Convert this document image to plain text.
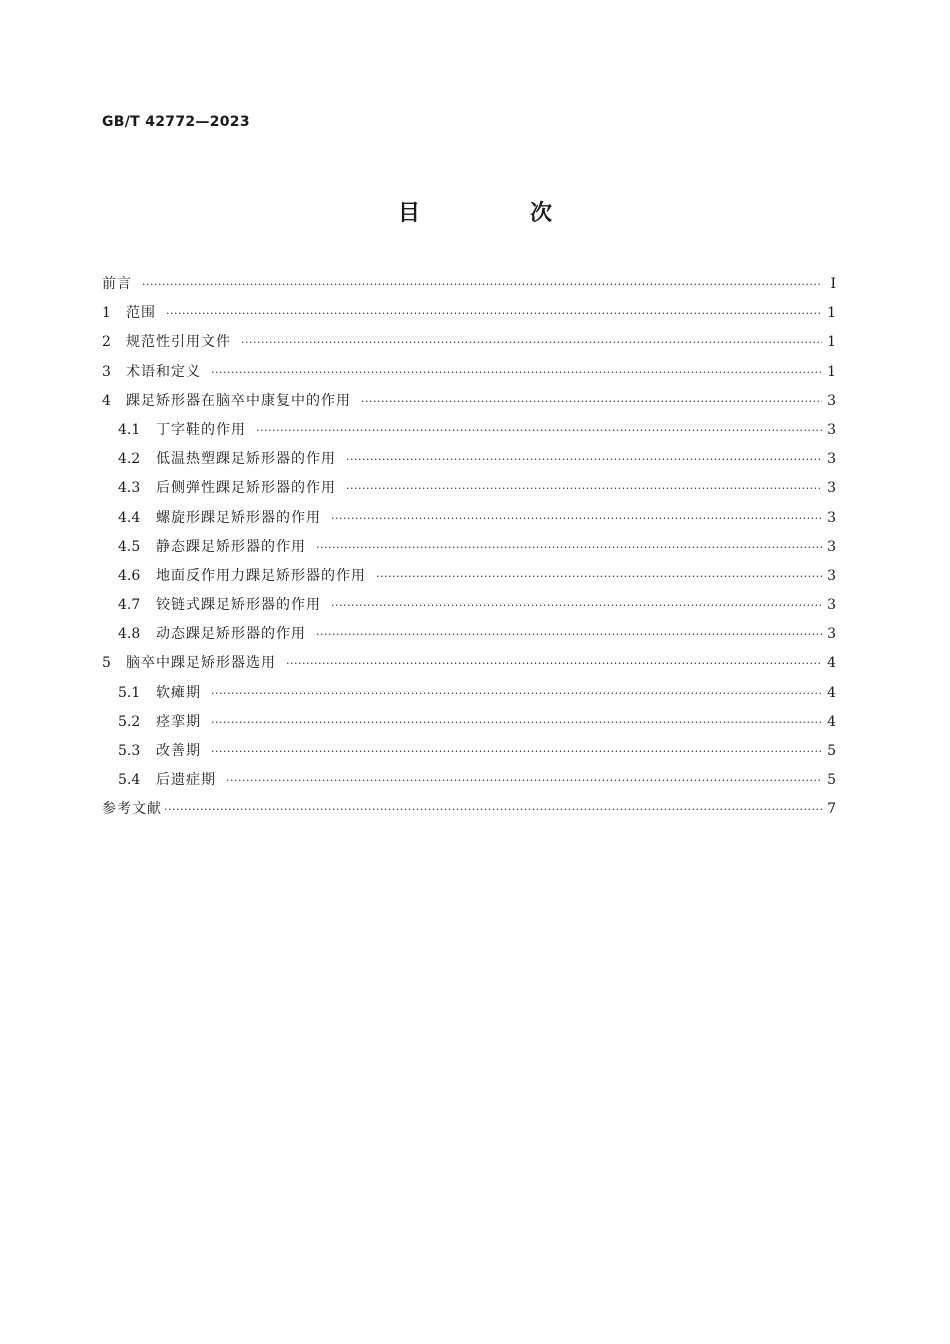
GB/T 42772—2023
目　次
前言 ·····	Ⅰ
1	范围 ·····	1
2	规范性引用文件 ·····	1
3	术语和定义 ·····	1
4	踝足矫形器在脑卒中康复中的作用 ·····	3
4.1	丁字鞋的作用 ·····	3
4.2	低温热塑踝足矫形器的作用 ·····	3
4.3	后侧弹性踝足矫形器的作用 ·····	3
4.4	螺旋形踝足矫形器的作用 ·····	3
4.5	静态踝足矫形器的作用 ·····	3
4.6	地面反作用力踝足矫形器的作用 ·····	3
4.7	铰链式踝足矫形器的作用 ·····	3
4.8	动态踝足矫形器的作用 ·····	3
5	脑卒中踝足矫形器选用 ·····	4
5.1	软瘫期 ·····	4
5.2	痉挛期 ·····	4
5.3	改善期 ·····	5
5.4	后遗症期 ·····	5
参考文献 ·····	7
